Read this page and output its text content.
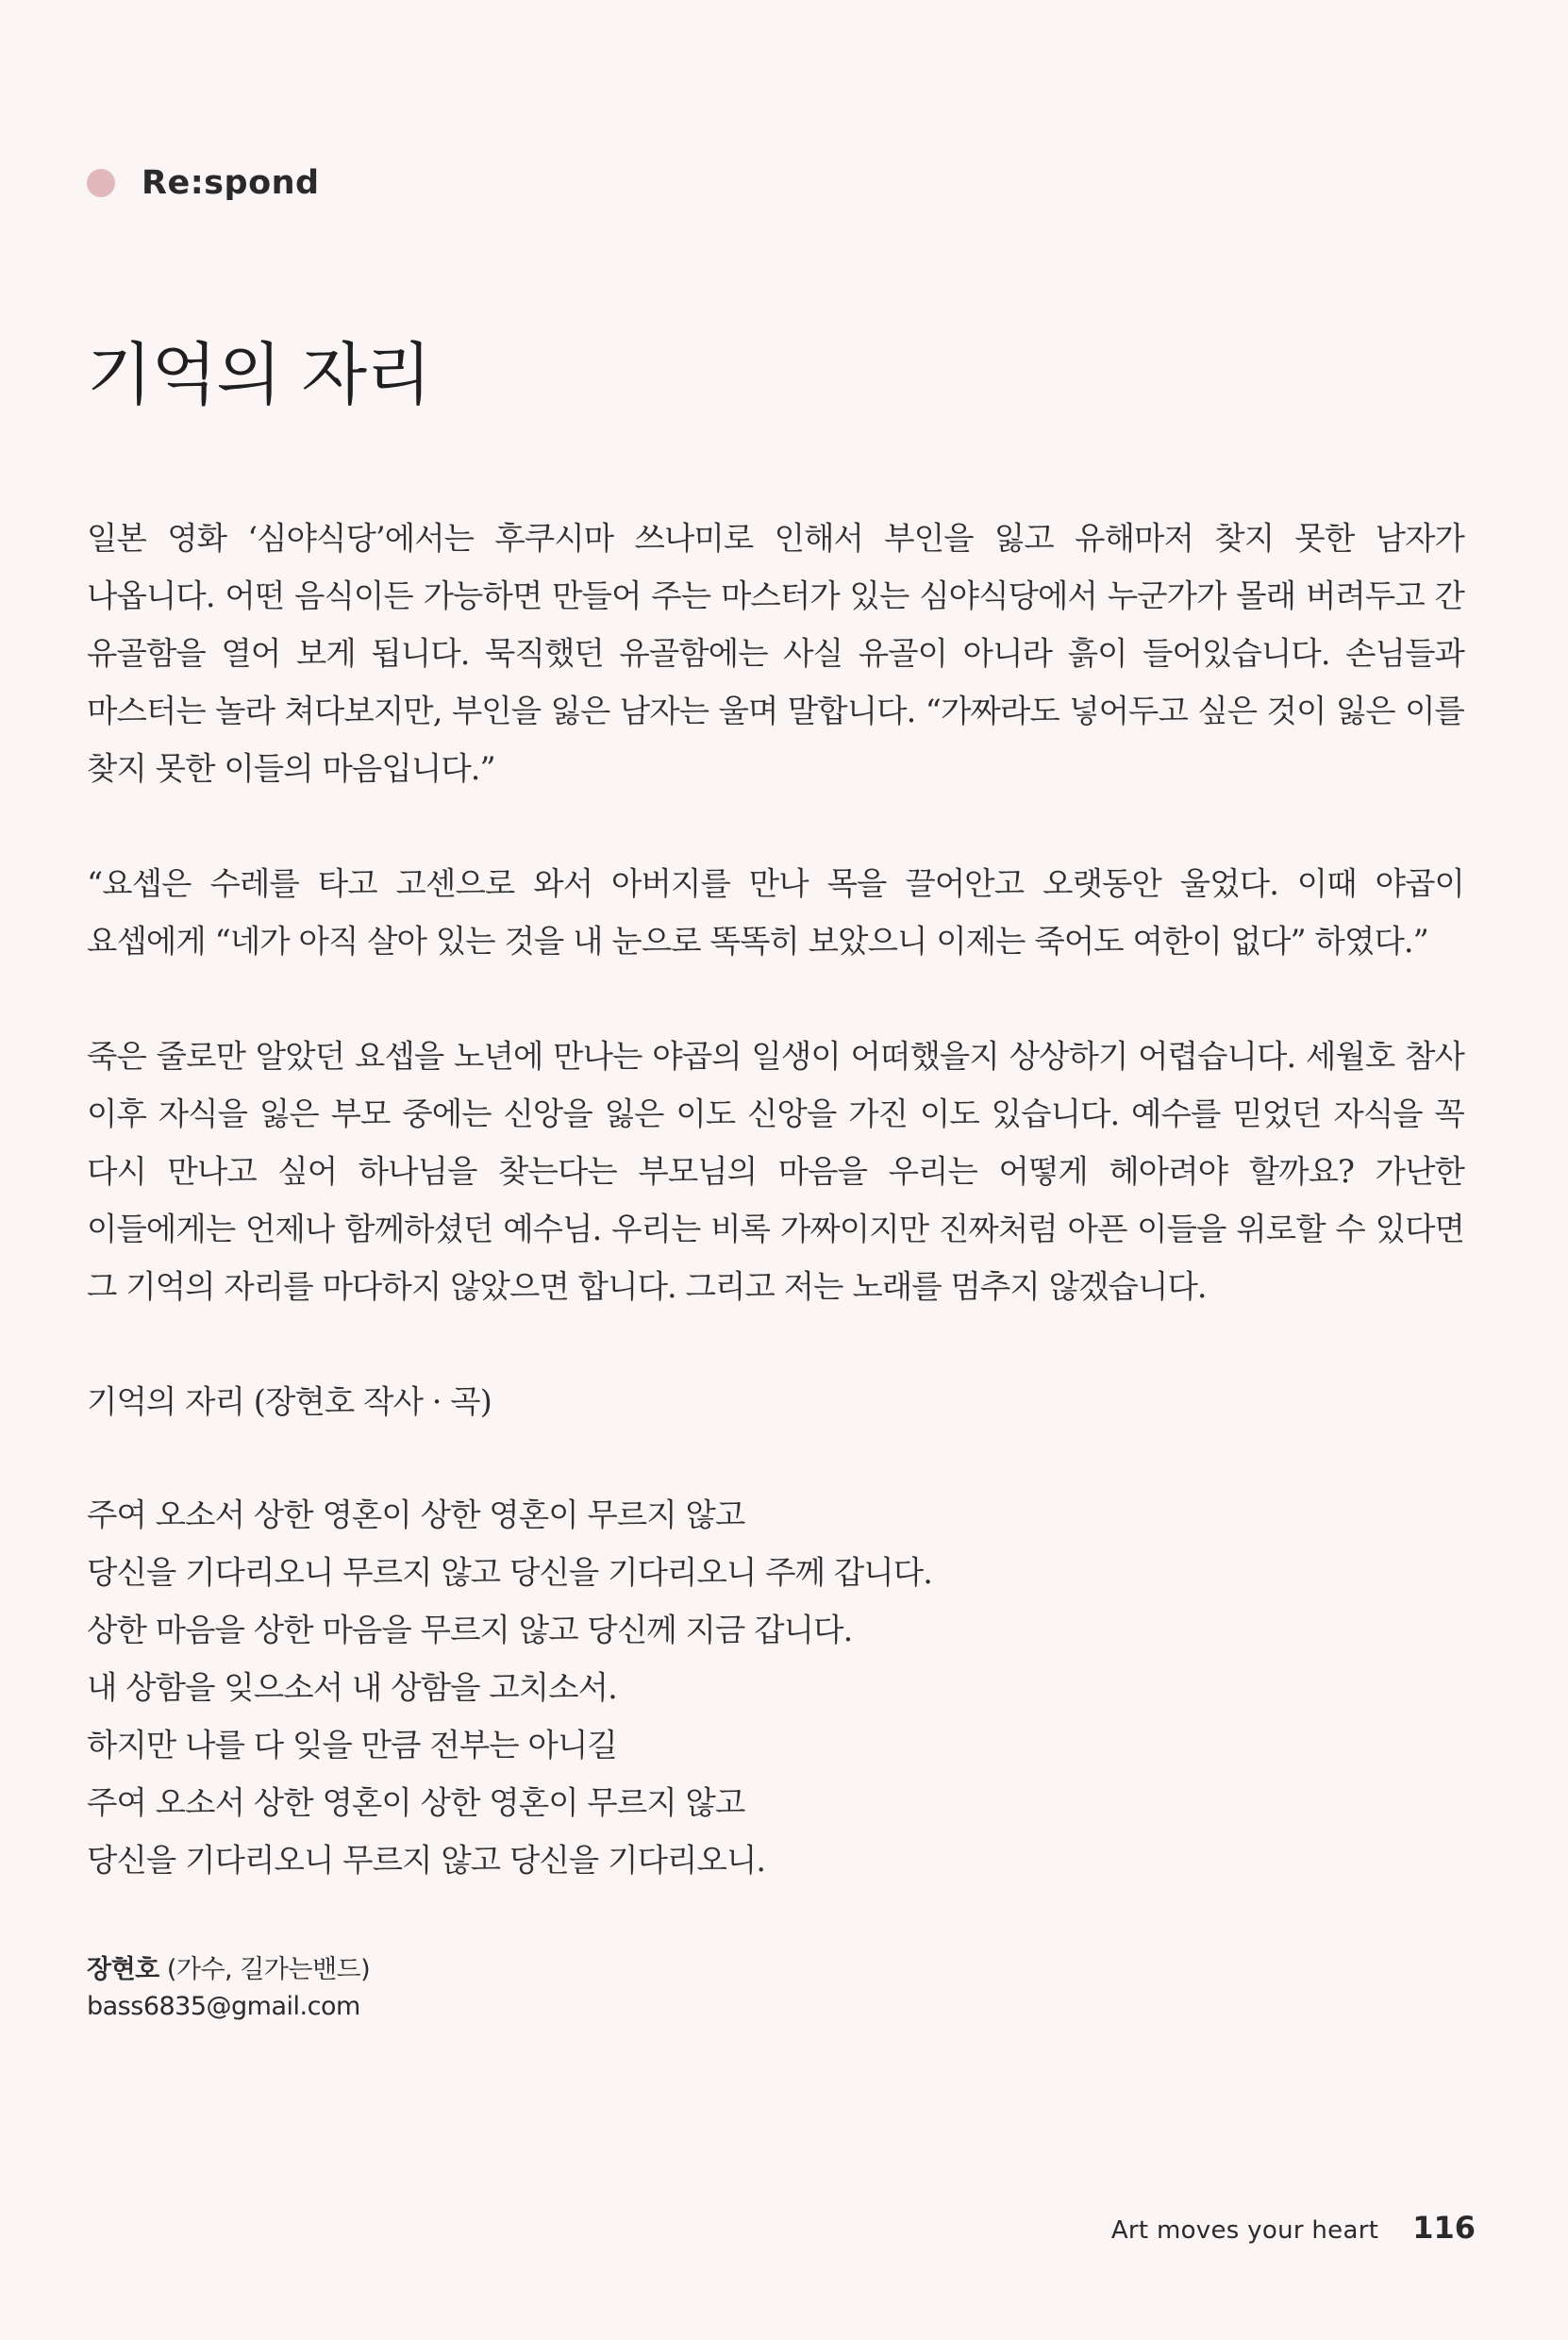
Re:spond
기억의 자리

일본 영화 ‘심야식당’에서는 후쿠시마 쓰나미로 인해서 부인을 잃고 유해마저 찾지 못한 남자가 나옵니다. 어떤 음식이든 가능하면 만들어 주는 마스터가 있는 심야식당에서 누군가가 몰래 버려두고 간 유골함을 열어 보게 됩니다. 묵직했던 유골함에는 사실 유골이 아니라 흙이 들어있습니다. 손님들과 마스터는 놀라 쳐다보지만, 부인을 잃은 남자는 울며 말합니다. “가짜라도 넣어두고 싶은 것이 잃은 이를 찾지 못한 이들의 마음입니다.”

“요셉은 수레를 타고 고센으로 와서 아버지를 만나 목을 끌어안고 오랫동안 울었다. 이때 야곱이 요셉에게 “네가 아직 살아 있는 것을 내 눈으로 똑똑히 보았으니 이제는 죽어도 여한이 없다” 하였다.”

죽은 줄로만 알았던 요셉을 노년에 만나는 야곱의 일생이 어떠했을지 상상하기 어렵습니다. 세월호 참사 이후 자식을 잃은 부모 중에는 신앙을 잃은 이도 신앙을 가진 이도 있습니다. 예수를 믿었던 자식을 꼭 다시 만나고 싶어 하나님을 찾는다는 부모님의 마음을 우리는 어떻게 헤아려야 할까요? 가난한 이들에게는 언제나 함께하셨던 예수님. 우리는 비록 가짜이지만 진짜처럼 아픈 이들을 위로할 수 있다면 그 기억의 자리를 마다하지 않았으면 합니다. 그리고 저는 노래를 멈추지 않겠습니다.

기억의 자리 (장현호 작사 · 곡)

주여 오소서 상한 영혼이 상한 영혼이 무르지 않고

당신을 기다리오니 무르지 않고 당신을 기다리오니 주께 갑니다.

상한 마음을 상한 마음을 무르지 않고 당신께 지금 갑니다.

내 상함을 잊으소서 내 상함을 고치소서.

하지만 나를 다 잊을 만큼 전부는 아니길

주여 오소서 상한 영혼이 상한 영혼이 무르지 않고

당신을 기다리오니 무르지 않고 당신을 기다리오니.

장현호 (가수, 길가는밴드)
bass6835@gmail.com
Art moves your heart 116
